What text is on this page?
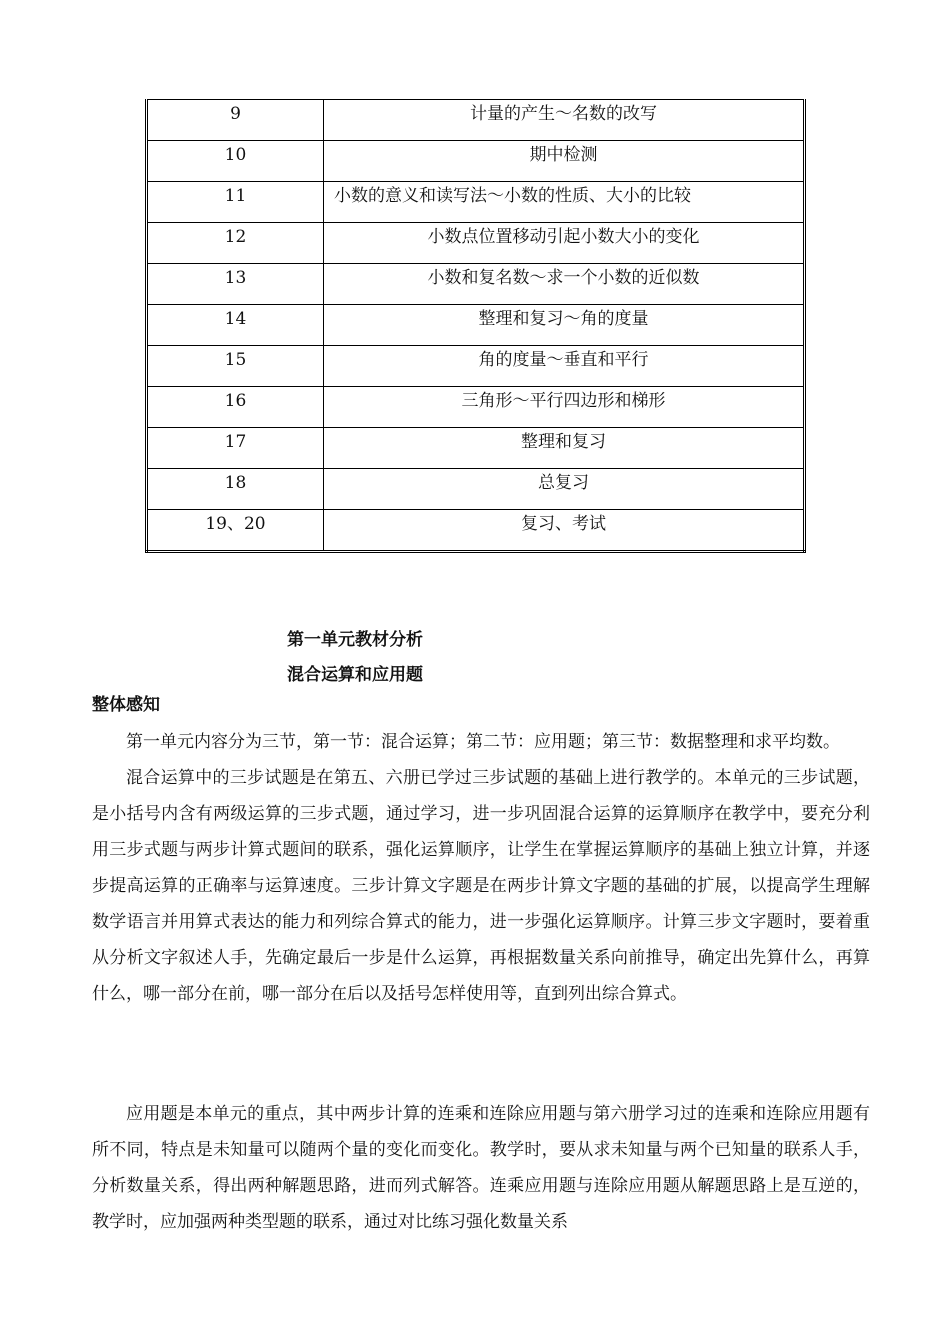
9	计量的产生～名数的改写
10	期中检测
11	小数的意义和读写法～小数的性质、大小的比较
12	小数点位置移动引起小数大小的变化
13	小数和复名数～求一个小数的近似数
14	整理和复习～角的度量
15	角的度量～垂直和平行
16	三角形～平行四边形和梯形
17	整理和复习
18	总复习
19、20	复习、考试
第一单元教材分析
混合运算和应用题
整体感知

第一单元内容分为三节，第一节：混合运算；第二节：应用题；第三节：数据整理和求平均数。

混合运算中的三步试题是在第五、六册已学过三步试题的基础上进行教学的。本单元的三步试题，是小括号内含有两级运算的三步式题，通过学习，进一步巩固混合运算的运算顺序在教学中，要充分利用三步式题与两步计算式题间的联系，强化运算顺序，让学生在掌握运算顺序的基础上独立计算，并逐步提高运算的正确率与运算速度。三步计算文字题是在两步计算文字题的基础的扩展，以提高学生理解数学语言并用算式表达的能力和列综合算式的能力，进一步强化运算顺序。计算三步文字题时，要着重从分析文字叙述人手，先确定最后一步是什么运算，再根据数量关系向前推导，确定出先算什么，再算什么，哪一部分在前，哪一部分在后以及括号怎样使用等，直到列出综合算式。

应用题是本单元的重点，其中两步计算的连乘和连除应用题与第六册学习过的连乘和连除应用题有所不同，特点是未知量可以随两个量的变化而变化。教学时，要从求未知量与两个已知量的联系人手，分析数量关系，得出两种解题思路，进而列式解答。连乘应用题与连除应用题从解题思路上是互逆的，教学时，应加强两种类型题的联系，通过对比练习强化数量关系
